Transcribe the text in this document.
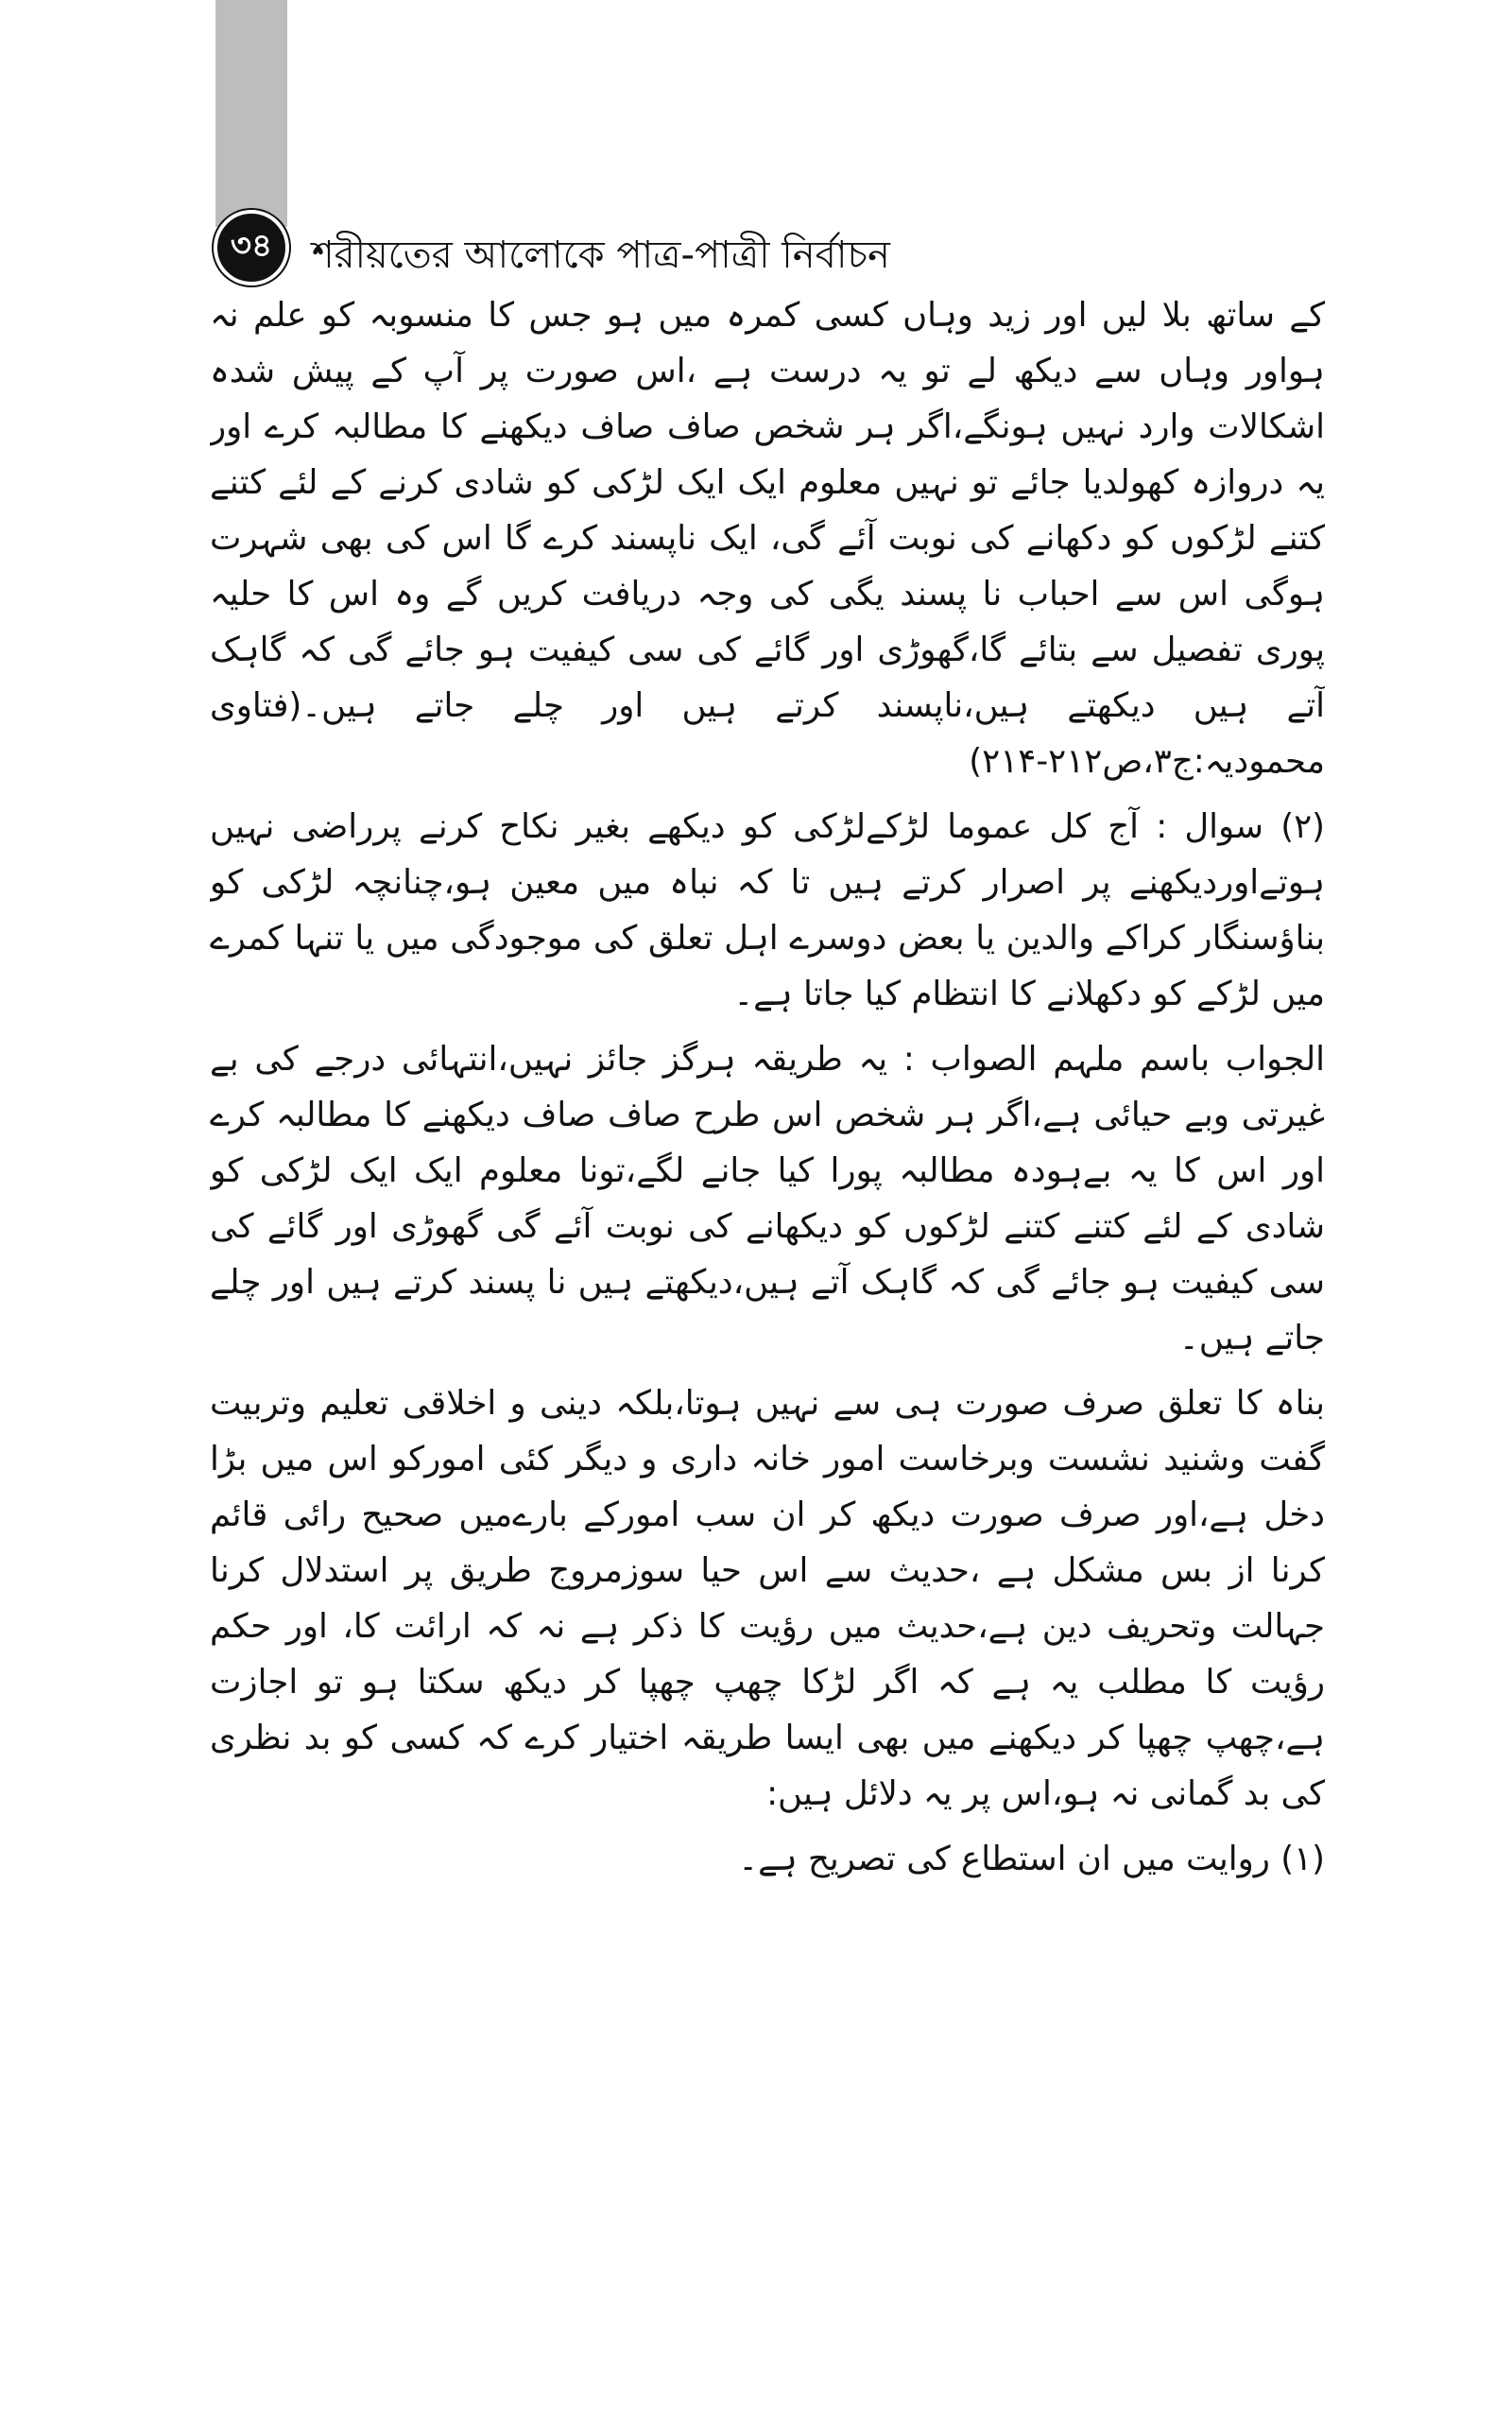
৩৪	শরীয়তের আলোকে পাত্র-পাত্রী নির্বাচন

کے ساتھ بلا لیں اور زید وہاں کسی کمرہ میں ہو جس کا منسوبہ کو علم نہ ہواور وہاں سے دیکھ لے تو یہ درست ہے ،اس صورت پر آپ کے پیش شدہ اشکالات وارد نہیں ہونگے،اگر ہر شخص صاف صاف دیکھنے کا مطالبہ کرے اور یہ دروازہ کھولدیا جائے تو نہیں معلوم ایک ایک لڑکی کو شادی کرنے کے لئے کتنے کتنے لڑکوں کو دکھانے کی نوبت آئے گی، ایک ناپسند کرے گا اس کی بھی شہرت ہوگی اس سے احباب نا پسند یگی کی وجہ دریافت کریں گے وہ اس کا حلیہ پوری تفصیل سے بتائے گا،گھوڑی اور گائے کی سی کیفیت ہو جائے گی کہ گاہک آتے ہیں دیکھتے ہیں،ناپسند کرتے ہیں اور چلے جاتے ہیں۔(فتاوی محمودیہ:ج۳،ص۲۱۲-۲۱۴)

(۲) سوال : آج کل عموما لڑکےلڑکی کو دیکھے بغیر نکاح کرنے پرراضی نہیں ہوتےاوردیکھنے پر اصرار کرتے ہیں تا کہ نباہ میں معین ہو،چنانچہ لڑکی کو بناؤسنگار کراکے والدین یا بعض دوسرے اہل تعلق کی موجودگی میں یا تنہا کمرے میں لڑکے کو دکھلانے کا انتظام کیا جاتا ہے۔

الجواب باسم ملہم الصواب : یہ طریقہ ہرگز جائز نہیں،انتہائی درجے کی بے غیرتی وبے حیائی ہے،اگر ہر شخص اس طرح صاف صاف دیکھنے کا مطالبہ کرے اور اس کا یہ بےہودہ مطالبہ پورا کیا جانے لگے،تونا معلوم ایک ایک لڑکی کو شادی کے لئے کتنے کتنے لڑکوں کو دیکھانے کی نوبت آئے گی گھوڑی اور گائے کی سی کیفیت ہو جائے گی کہ گاہک آتے ہیں،دیکھتے ہیں نا پسند کرتے ہیں اور چلے جاتے ہیں۔

بناہ کا تعلق صرف صورت ہی سے نہیں ہوتا،بلکہ دینی و اخلاقی تعلیم وتربیت گفت وشنید نشست وبرخاست امور خانہ داری و دیگر کئی امورکو اس میں بڑا دخل ہے،اور صرف صورت دیکھ کر ان سب امورکے بارےمیں صحیح رائی قائم کرنا از بس مشکل ہے ،حدیث سے اس حیا سوزمروج طریق پر استدلال کرنا جہالت وتحریف دین ہے،حدیث میں رؤیت کا ذکر ہے نہ کہ ارائت کا، اور حکم رؤیت کا مطلب یہ ہے کہ اگر لڑکا چھپ چھپا کر دیکھ سکتا ہو تو اجازت ہے،چھپ چھپا کر دیکھنے میں بھی ایسا طریقہ اختیار کرے کہ کسی کو بد نظری کی بد گمانی نہ ہو،اس پر یہ دلائل ہیں:

(۱) روایت میں ان استطاع کی تصریح ہے۔
